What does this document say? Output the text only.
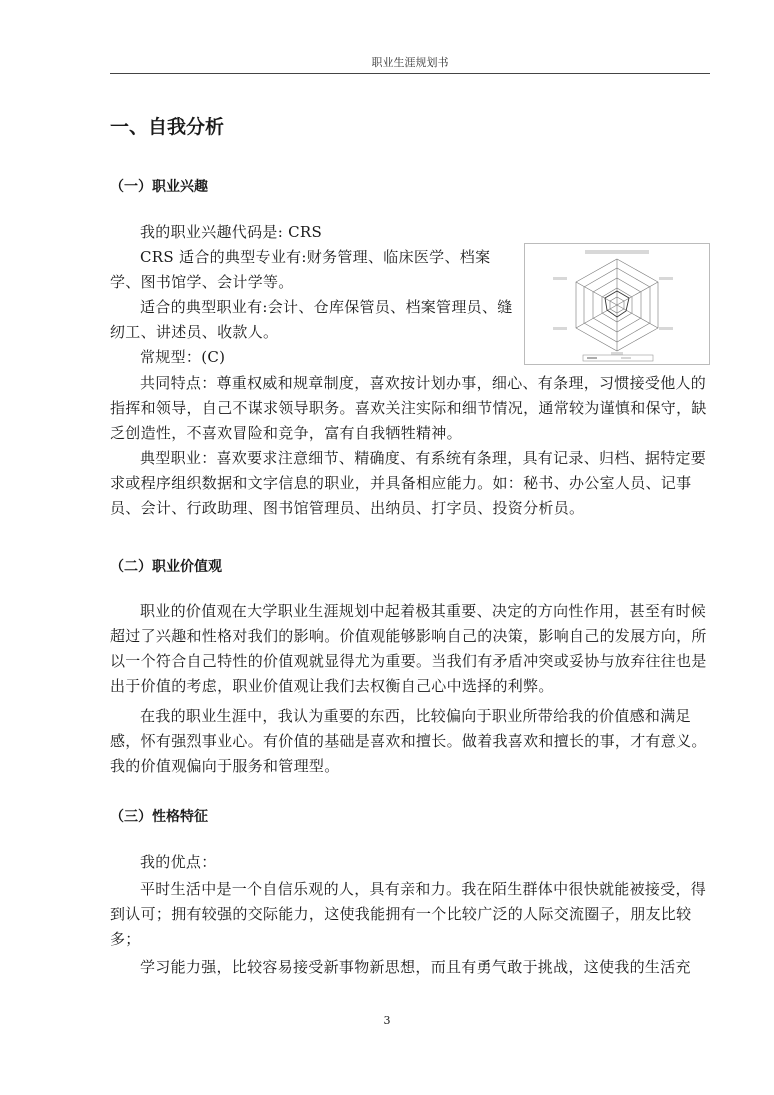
职业生涯规划书
一、自我分析
（一）职业兴趣

我的职业兴趣代码是: CRS

CRS 适合的典型专业有:财务管理、临床医学、档案学、图书馆学、会计学等。

适合的典型职业有:会计、仓库保管员、档案管理员、缝纫工、讲述员、收款人。

常规型：(C)

共同特点：尊重权威和规章制度，喜欢按计划办事，细心、有条理，习惯接受他人的指挥和领导，自己不谋求领导职务。喜欢关注实际和细节情况，通常较为谨慎和保守，缺乏创造性，不喜欢冒险和竞争，富有自我牺牲精神。

典型职业：喜欢要求注意细节、精确度、有系统有条理，具有记录、归档、据特定要求或程序组织数据和文字信息的职业，并具备相应能力。如：秘书、办公室人员、记事员、会计、行政助理、图书馆管理员、出纳员、打字员、投资分析员。

（二）职业价值观

职业的价值观在大学职业生涯规划中起着极其重要、决定的方向性作用，甚至有时候超过了兴趣和性格对我们的影响。价值观能够影响自己的决策，影响自己的发展方向，所以一个符合自己特性的价值观就显得尤为重要。当我们有矛盾冲突或妥协与放弃往往也是出于价值的考虑，职业价值观让我们去权衡自己心中选择的利弊。

在我的职业生涯中，我认为重要的东西，比较偏向于职业所带给我的价值感和满足感，怀有强烈事业心。有价值的基础是喜欢和擅长。做着我喜欢和擅长的事，才有意义。我的价值观偏向于服务和管理型。

（三）性格特征

我的优点：

平时生活中是一个自信乐观的人，具有亲和力。我在陌生群体中很快就能被接受，得到认可；拥有较强的交际能力，这使我能拥有一个比较广泛的人际交流圈子，朋友比较多；

学习能力强，比较容易接受新事物新思想，而且有勇气敢于挑战，这使我的生活充

3
